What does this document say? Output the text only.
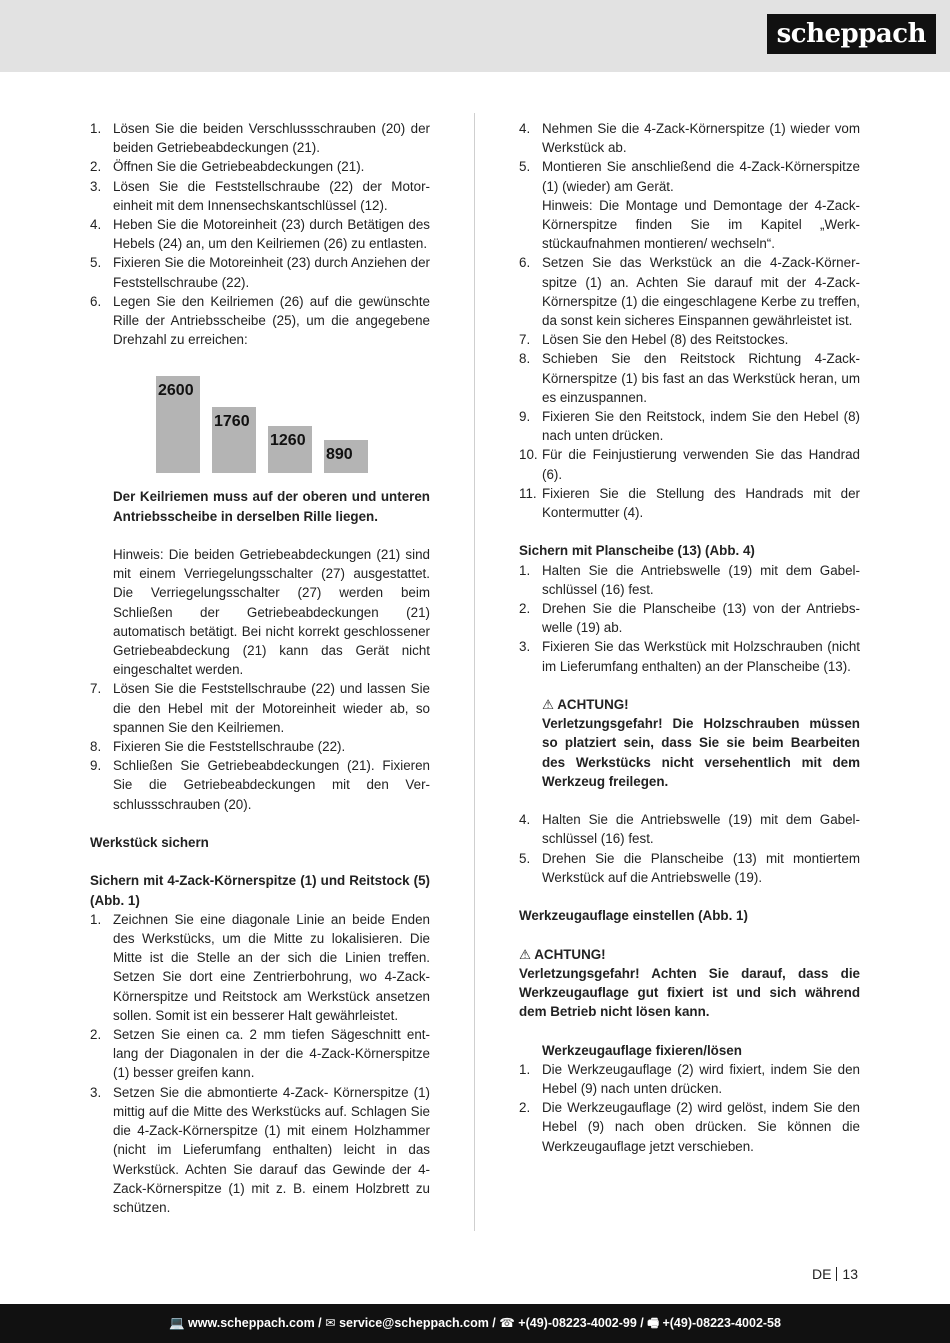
scheppach
1. Lösen Sie die beiden Verschlussschrauben (20) der beiden Getriebeabdeckungen (21).
2. Öffnen Sie die Getriebeabdeckungen (21).
3. Lösen Sie die Feststellschraube (22) der Motoreinheit mit dem Innensechskantschlüssel (12).
4. Heben Sie die Motoreinheit (23) durch Betätigen des Hebels (24) an, um den Keilriemen (26) zu entlasten.
5. Fixieren Sie die Motoreinheit (23) durch Anziehen der Feststellschraube (22).
6. Legen Sie den Keilriemen (26) auf die gewünschte Rille der Antriebsscheibe (25), um die angegebene Drehzahl zu erreichen:
2600
1760
1260
890
Der Keilriemen muss auf der oberen und unteren Antriebsscheibe in derselben Rille liegen.
Hinweis: Die beiden Getriebeabdeckungen (21) sind mit einem Verriegelungsschalter (27) ausgestattet. Die Verriegelungsschalter (27) werden beim Schließen der Getriebeabdeckungen (21) automatisch betätigt. Bei nicht korrekt geschlossener Getriebeabdeckung (21) kann das Gerät nicht eingeschaltet werden.
7. Lösen Sie die Feststellschraube (22) und lassen Sie die den Hebel mit der Motoreinheit wieder ab, so spannen Sie den Keilriemen.
8. Fixieren Sie die Feststellschraube (22).
9. Schließen Sie Getriebeabdeckungen (21). Fixieren Sie die Getriebeabdeckungen mit den Verschlussschrauben (20).
Werkstück sichern
Sichern mit 4-Zack-Körnerspitze (1) und Reitstock (5) (Abb. 1)
1. Zeichnen Sie eine diagonale Linie an beide Enden des Werkstücks, um die Mitte zu lokalisieren. Die Mitte ist die Stelle an der sich die Linien treffen. Setzen Sie dort eine Zentrierbohrung, wo 4-Zack-Körnerspitze und Reitstock am Werkstück ansetzen sollen. Somit ist ein besserer Halt gewährleistet.
2. Setzen Sie einen ca. 2 mm tiefen Sägeschnitt entlang der Diagonalen in der die 4-Zack-Körnerspitze (1) besser greifen kann.
3. Setzen Sie die abmontierte 4-Zack- Körnerspitze (1) mittig auf die Mitte des Werkstücks auf. Schlagen Sie die 4-Zack-Körnerspitze (1) mit einem Holzhammer (nicht im Lieferumfang enthalten) leicht in das Werkstück. Achten Sie darauf das Gewinde der 4-Zack-Körnerspitze (1) mit z. B. einem Holzbrett zu schützen.
4. Nehmen Sie die 4-Zack-Körnerspitze (1) wieder vom Werkstück ab.
5. Montieren Sie anschließend die 4-Zack-Körnerspitze (1) (wieder) am Gerät.
Hinweis: Die Montage und Demontage der 4-Zack-Körnerspitze finden Sie im Kapitel „Werkstückaufnahmen montieren/ wechseln“.
6. Setzen Sie das Werkstück an die 4-Zack-Körnerspitze (1) an. Achten Sie darauf mit der 4-Zack-Körnerspitze (1) die eingeschlagene Kerbe zu treffen, da sonst kein sicheres Einspannen gewährleistet ist.
7. Lösen Sie den Hebel (8) des Reitstockes.
8. Schieben Sie den Reitstock Richtung 4-Zack-Körnerspitze (1) bis fast an das Werkstück heran, um es einzuspannen.
9. Fixieren Sie den Reitstock, indem Sie den Hebel (8) nach unten drücken.
10. Für die Feinjustierung verwenden Sie das Handrad (6).
11. Fixieren Sie die Stellung des Handrads mit der Kontermutter (4).
Sichern mit Planscheibe (13) (Abb. 4)
1. Halten Sie die Antriebswelle (19) mit dem Gabelschlüssel (16) fest.
2. Drehen Sie die Planscheibe (13) von der Antriebswelle (19) ab.
3. Fixieren Sie das Werkstück mit Holzschrauben (nicht im Lieferumfang enthalten) an der Planscheibe (13).
⚠ ACHTUNG!
Verletzungsgefahr! Die Holzschrauben müssen so platziert sein, dass Sie sie beim Bearbeiten des Werkstücks nicht versehentlich mit dem Werkzeug freilegen.
4. Halten Sie die Antriebswelle (19) mit dem Gabelschlüssel (16) fest.
5. Drehen Sie die Planscheibe (13) mit montiertem Werkstück auf die Antriebswelle (19).
Werkzeugauflage einstellen (Abb. 1)
⚠ ACHTUNG!
Verletzungsgefahr! Achten Sie darauf, dass die Werkzeugauflage gut fixiert ist und sich während dem Betrieb nicht lösen kann.
Werkzeugauflage fixieren/lösen
1. Die Werkzeugauflage (2) wird fixiert, indem Sie den Hebel (9) nach unten drücken.
2. Die Werkzeugauflage (2) wird gelöst, indem Sie den Hebel (9) nach oben drücken. Sie können die Werkzeugauflage jetzt verschieben.
DE 13
💻 www.scheppach.com / ✉ service@scheppach.com / ☎ +(49)-08223-4002-99 / 🖷 +(49)-08223-4002-58
